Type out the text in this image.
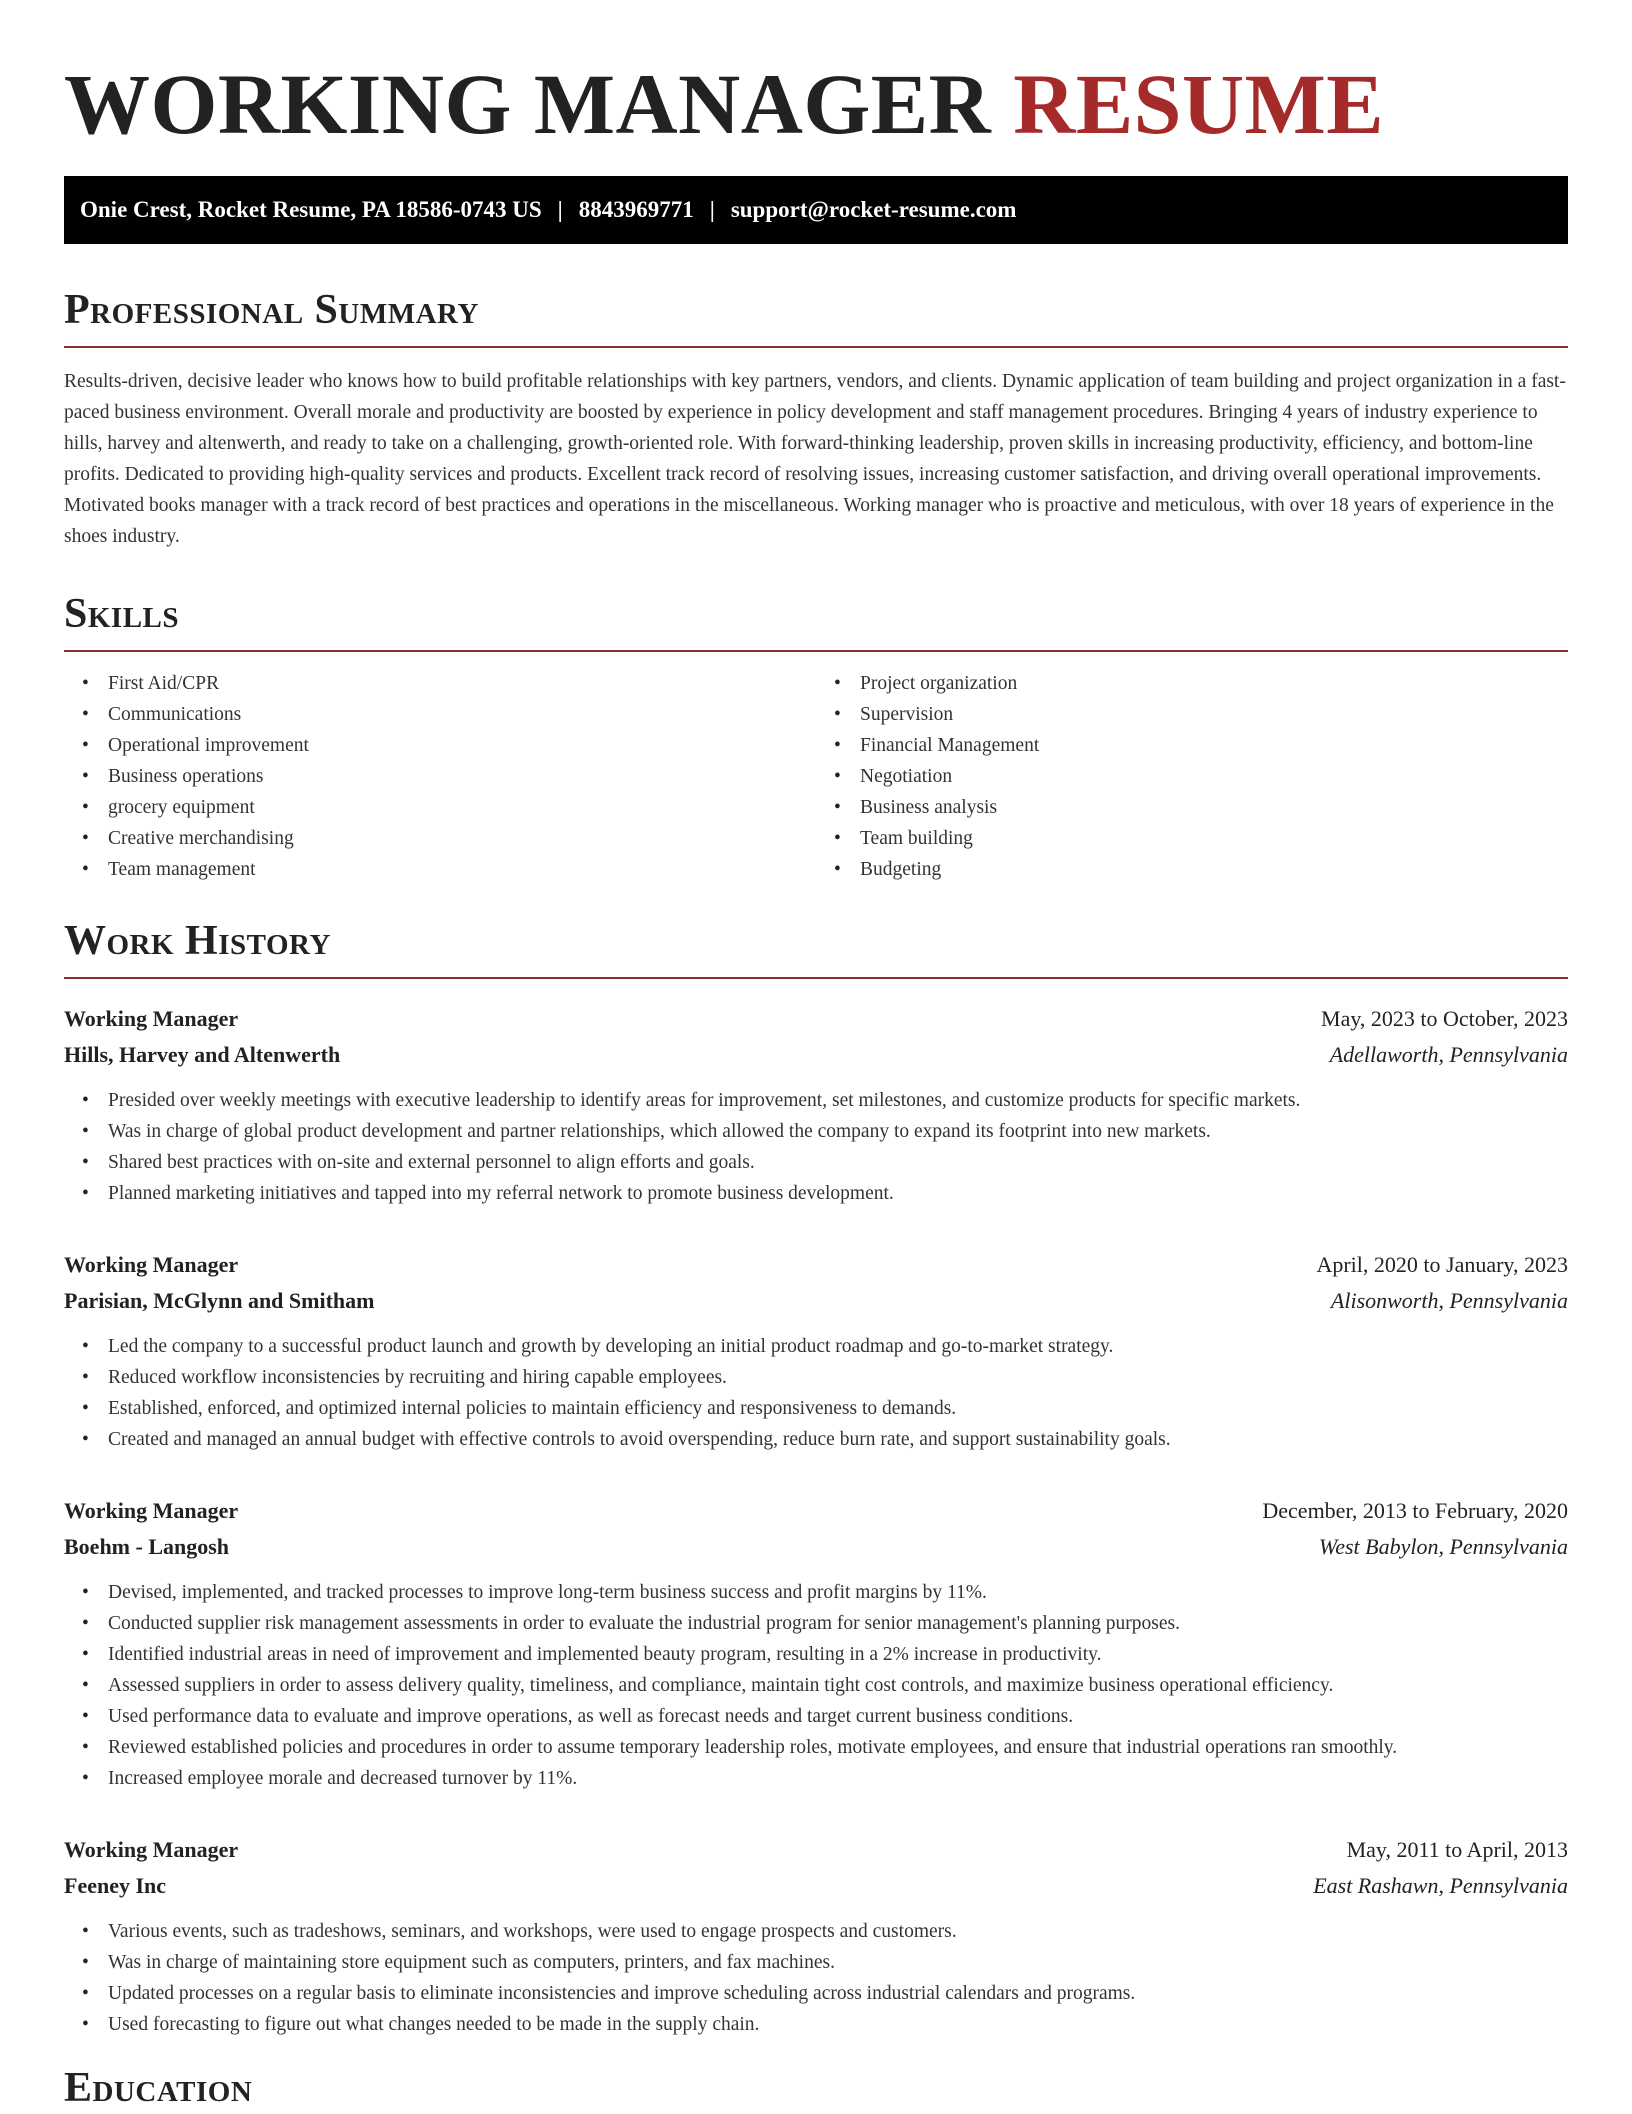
WORKING MANAGER RESUME
Onie Crest, Rocket Resume, PA 18586-0743 US | 8843969771 | support@rocket-resume.com
Professional Summary

Results-driven, decisive leader who knows how to build profitable relationships with key partners, vendors, and clients. Dynamic application of team building and project organization in a fast-paced business environment. Overall morale and productivity are boosted by experience in policy development and staff management procedures. Bringing 4 years of industry experience to hills, harvey and altenwerth, and ready to take on a challenging, growth-oriented role. With forward-thinking leadership, proven skills in increasing productivity, efficiency, and bottom-line profits. Dedicated to providing high-quality services and products. Excellent track record of resolving issues, increasing customer satisfaction, and driving overall operational improvements. Motivated books manager with a track record of best practices and operations in the miscellaneous. Working manager who is proactive and meticulous, with over 18 years of experience in the shoes industry.

Skills
• First Aid/CPR
• Communications
• Operational improvement
• Business operations
• grocery equipment
• Creative merchandising
• Team management
• Project organization
• Supervision
• Financial Management
• Negotiation
• Business analysis
• Team building
• Budgeting
Work History
Working Manager	May, 2023 to October, 2023
Hills, Harvey and Altenwerth	Adellaworth, Pennsylvania
• Presided over weekly meetings with executive leadership to identify areas for improvement, set milestones, and customize products for specific markets.
• Was in charge of global product development and partner relationships, which allowed the company to expand its footprint into new markets.
• Shared best practices with on-site and external personnel to align efforts and goals.
• Planned marketing initiatives and tapped into my referral network to promote business development.
Working Manager	April, 2020 to January, 2023
Parisian, McGlynn and Smitham	Alisonworth, Pennsylvania
• Led the company to a successful product launch and growth by developing an initial product roadmap and go-to-market strategy.
• Reduced workflow inconsistencies by recruiting and hiring capable employees.
• Established, enforced, and optimized internal policies to maintain efficiency and responsiveness to demands.
• Created and managed an annual budget with effective controls to avoid overspending, reduce burn rate, and support sustainability goals.
Working Manager	December, 2013 to February, 2020
Boehm - Langosh	West Babylon, Pennsylvania
• Devised, implemented, and tracked processes to improve long-term business success and profit margins by 11%.
• Conducted supplier risk management assessments in order to evaluate the industrial program for senior management's planning purposes.
• Identified industrial areas in need of improvement and implemented beauty program, resulting in a 2% increase in productivity.
• Assessed suppliers in order to assess delivery quality, timeliness, and compliance, maintain tight cost controls, and maximize business operational efficiency.
• Used performance data to evaluate and improve operations, as well as forecast needs and target current business conditions.
• Reviewed established policies and procedures in order to assume temporary leadership roles, motivate employees, and ensure that industrial operations ran smoothly.
• Increased employee morale and decreased turnover by 11%.
Working Manager	May, 2011 to April, 2013
Feeney Inc	East Rashawn, Pennsylvania
• Various events, such as tradeshows, seminars, and workshops, were used to engage prospects and customers.
• Was in charge of maintaining store equipment such as computers, printers, and fax machines.
• Updated processes on a regular basis to eliminate inconsistencies and improve scheduling across industrial calendars and programs.
• Used forecasting to figure out what changes needed to be made in the supply chain.
Education
